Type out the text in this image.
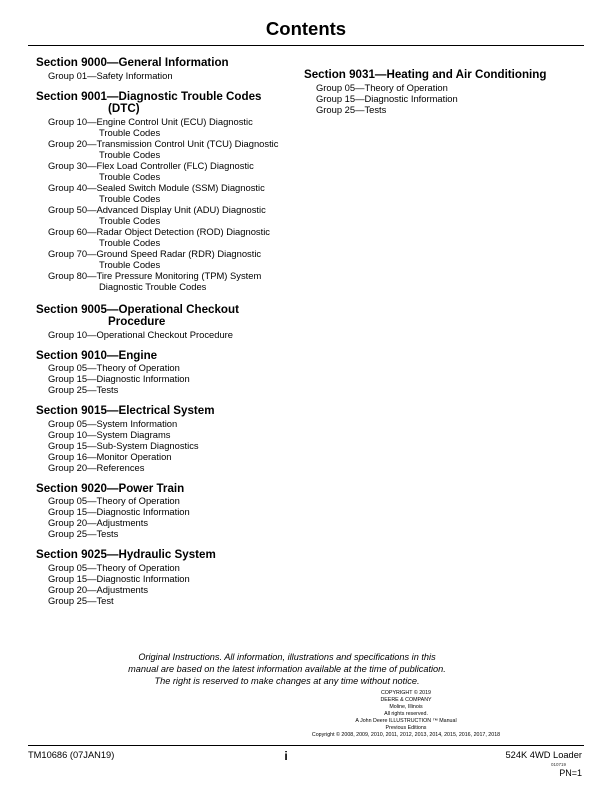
Contents
Section 9000—General Information
Group 01—Safety Information
Section 9001—Diagnostic Trouble Codes
(DTC)
Group 10—Engine Control Unit (ECU) Diagnostic
Trouble Codes
Group 20—Transmission Control Unit (TCU) Diagnostic
Trouble Codes
Group 30—Flex Load Controller (FLC) Diagnostic
Trouble Codes
Group 40—Sealed Switch Module (SSM) Diagnostic
Trouble Codes
Group 50—Advanced Display Unit (ADU) Diagnostic
Trouble Codes
Group 60—Radar Object Detection (ROD) Diagnostic
Trouble Codes
Group 70—Ground Speed Radar (RDR) Diagnostic
Trouble Codes
Group 80—Tire Pressure Monitoring (TPM) System
Diagnostic Trouble Codes
Section 9005—Operational Checkout
Procedure
Group 10—Operational Checkout Procedure
Section 9010—Engine
Group 05—Theory of Operation
Group 15—Diagnostic Information
Group 25—Tests
Section 9015—Electrical System
Group 05—System Information
Group 10—System Diagrams
Group 15—Sub-System Diagnostics
Group 16—Monitor Operation
Group 20—References
Section 9020—Power Train
Group 05—Theory of Operation
Group 15—Diagnostic Information
Group 20—Adjustments
Group 25—Tests
Section 9025—Hydraulic System
Group 05—Theory of Operation
Group 15—Diagnostic Information
Group 20—Adjustments
Group 25—Test
Section 9031—Heating and Air Conditioning
Group 05—Theory of Operation
Group 15—Diagnostic Information
Group 25—Tests
Original Instructions. All information, illustrations and specifications in this
manual are based on the latest information available at the time of publication.
The right is reserved to make changes at any time without notice.
COPYRIGHT © 2019
DEERE & COMPANY
Moline, Illinois
All rights reserved.
A John Deere ILLUSTRUCTION ™ Manual
Previous Editions
Copyright © 2008, 2009, 2010, 2011, 2012, 2013, 2014, 2015, 2016, 2017, 2018
TM10686 (07JAN19)	i	524K 4WD Loader
010719
PN=1
